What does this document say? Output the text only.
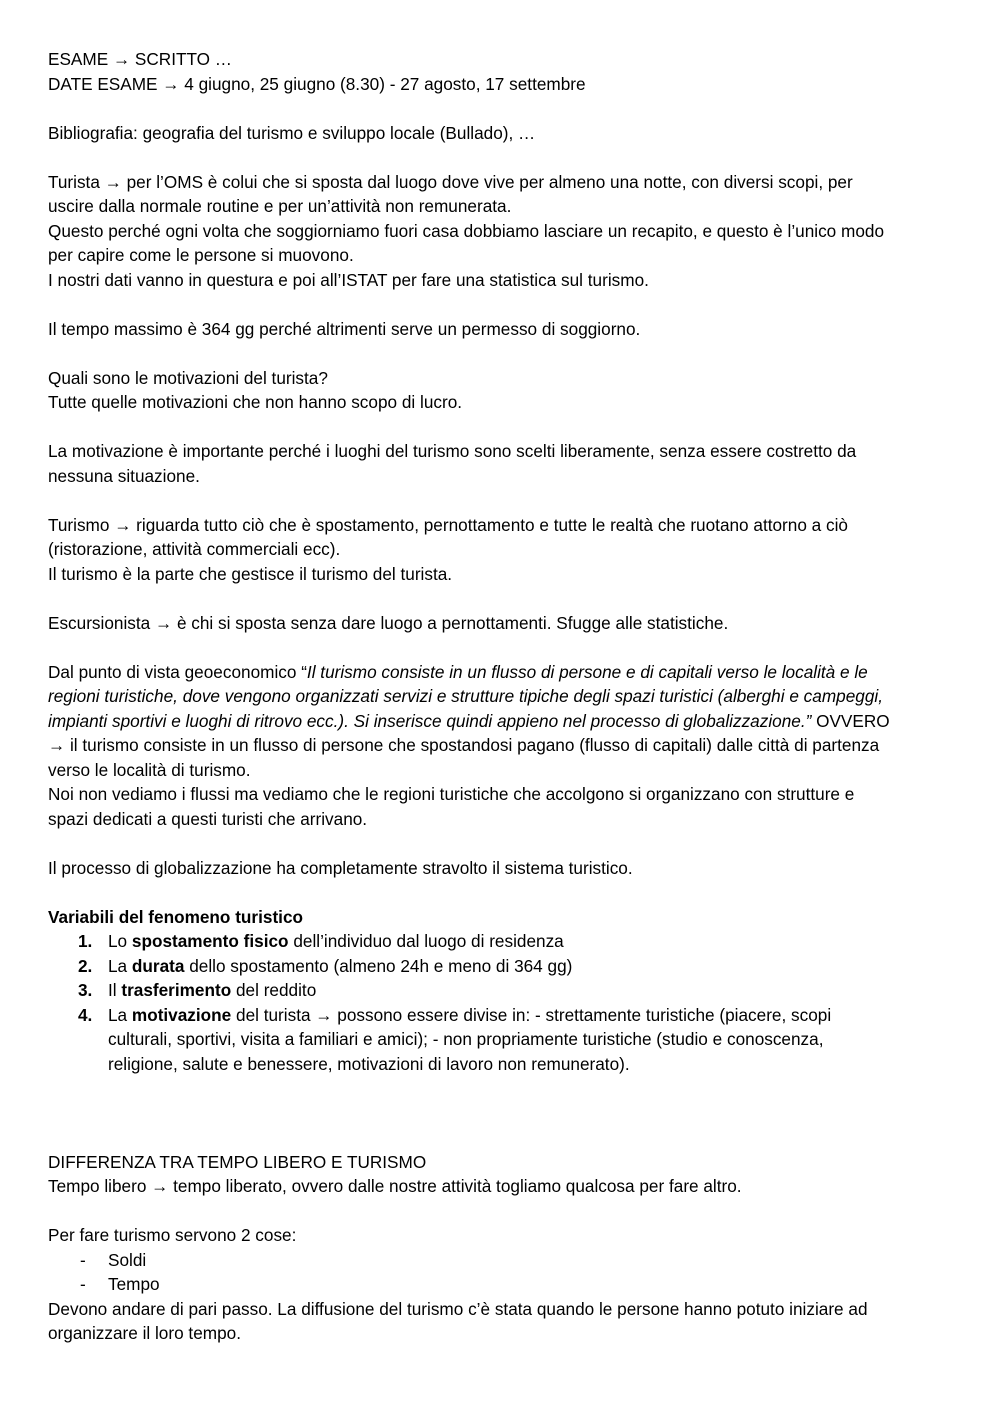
ESAME → SCRITTO …

DATE ESAME → 4 giugno, 25 giugno (8.30) - 27 agosto, 17 settembre

Bibliografia: geografia del turismo e sviluppo locale (Bullado), …

Turista → per l’OMS è colui che si sposta dal luogo dove vive per almeno una notte, con diversi scopi, per

uscire dalla normale routine e per un’attività non remunerata.

Questo perché ogni volta che soggiorniamo fuori casa dobbiamo lasciare un recapito, e questo è l’unico modo

per capire come le persone si muovono.

I nostri dati vanno in questura e poi all’ISTAT per fare una statistica sul turismo.

Il tempo massimo è 364 gg perché altrimenti serve un permesso di soggiorno.

Quali sono le motivazioni del turista?

Tutte quelle motivazioni che non hanno scopo di lucro.

La motivazione è importante perché i luoghi del turismo sono scelti liberamente, senza essere costretto da

nessuna situazione.

Turismo → riguarda tutto ciò che è spostamento, pernottamento e tutte le realtà che ruotano attorno a ciò

(ristorazione, attività commerciali ecc).

Il turismo è la parte che gestisce il turismo del turista.

Escursionista → è chi si sposta senza dare luogo a pernottamenti. Sfugge alle statistiche.

Dal punto di vista geoeconomico “Il turismo consiste in un flusso di persone e di capitali verso le località e le

regioni turistiche, dove vengono organizzati servizi e strutture tipiche degli spazi turistici (alberghi e campeggi,

impianti sportivi e luoghi di ritrovo ecc.). Si inserisce quindi appieno nel processo di globalizzazione.” OVVERO

→ il turismo consiste in un flusso di persone che spostandosi pagano (flusso di capitali) dalle città di partenza

verso le località di turismo.

Noi non vediamo i flussi ma vediamo che le regioni turistiche che accolgono si organizzano con strutture e

spazi dedicati a questi turisti che arrivano.

Il processo di globalizzazione ha completamente stravolto il sistema turistico.

Variabili del fenomeno turistico

1. Lo spostamento fisico dell’individuo dal luogo di residenza
2. La durata dello spostamento (almeno 24h e meno di 364 gg)
3. Il trasferimento del reddito
4. La motivazione del turista → possono essere divise in: - strettamente turistiche (piacere, scopi
culturali, sportivi, visita a familiari e amici); - non propriamente turistiche (studio e conoscenza,
religione, salute e benessere, motivazioni di lavoro non remunerato).

DIFFERENZA TRA TEMPO LIBERO E TURISMO

Tempo libero → tempo liberato, ovvero dalle nostre attività togliamo qualcosa per fare altro.

Per fare turismo servono 2 cose:

- Soldi
- Tempo

Devono andare di pari passo. La diffusione del turismo c’è stata quando le persone hanno potuto iniziare ad

organizzare il loro tempo.
